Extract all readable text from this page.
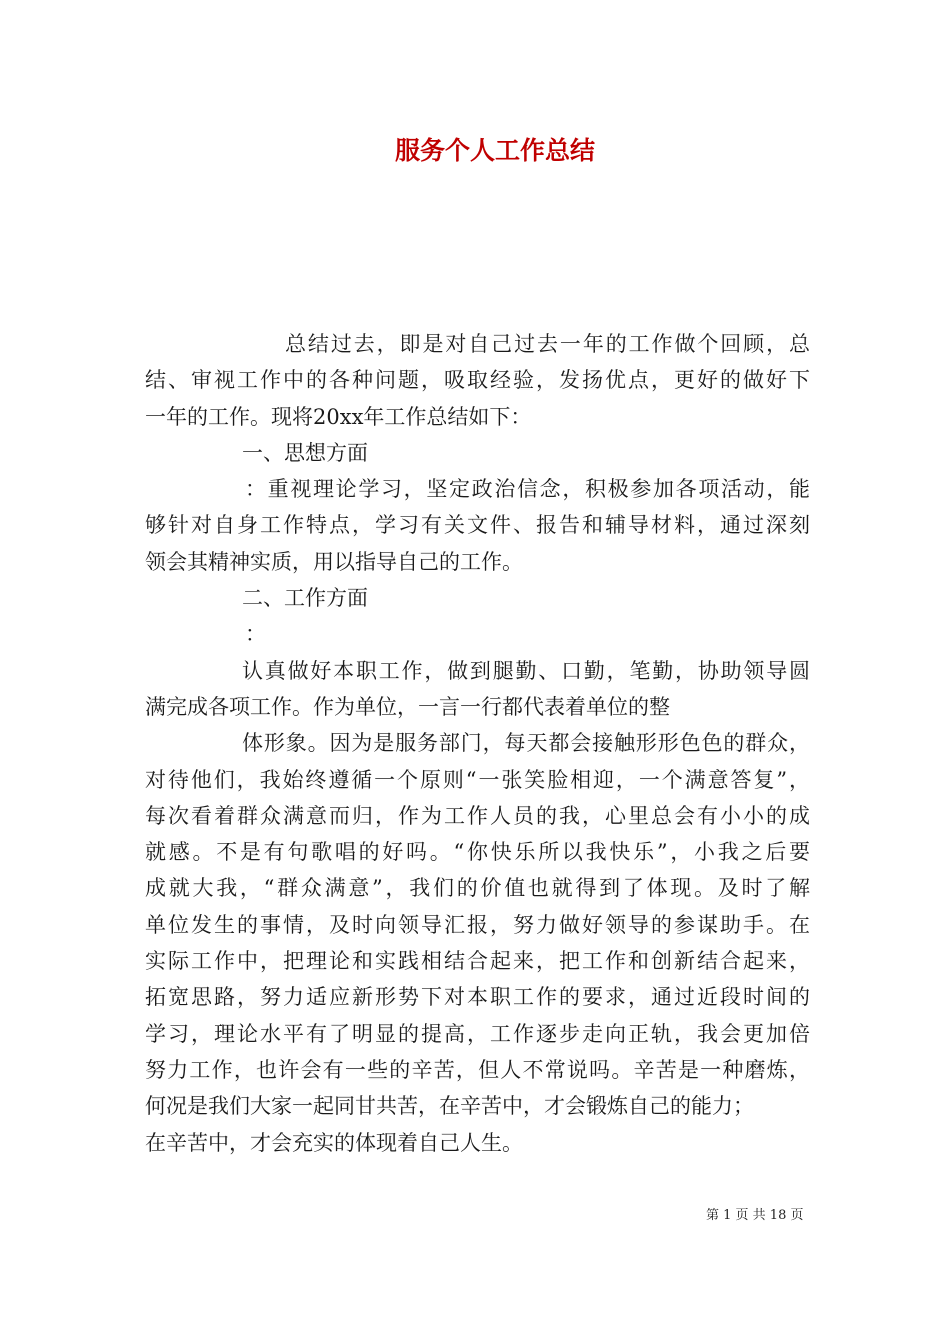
服务个人工作总结
总结过去，即是对自己过去一年的工作做个回顾，总
结、审视工作中的各种问题，吸取经验，发扬优点，更好的做好下
一年的工作。现将20xx年工作总结如下：
一、思想方面
：重视理论学习，坚定政治信念，积极参加各项活动，能
够针对自身工作特点，学习有关文件、报告和辅导材料，通过深刻
领会其精神实质，用以指导自己的工作。
二、工作方面
：
认真做好本职工作，做到腿勤、口勤，笔勤，协助领导圆
满完成各项工作。作为单位，一言一行都代表着单位的整
体形象。因为是服务部门，每天都会接触形形色色的群众，
对待他们，我始终遵循一个原则“一张笑脸相迎，一个满意答复”，
每次看着群众满意而归，作为工作人员的我，心里总会有小小的成
就感。不是有句歌唱的好吗。“你快乐所以我快乐”，小我之后要
成就大我，“群众满意”，我们的价值也就得到了体现。及时了解
单位发生的事情，及时向领导汇报，努力做好领导的参谋助手。在
实际工作中，把理论和实践相结合起来，把工作和创新结合起来，
拓宽思路，努力适应新形势下对本职工作的要求，通过近段时间的
学习，理论水平有了明显的提高，工作逐步走向正轨，我会更加倍
努力工作，也许会有一些的辛苦，但人不常说吗。辛苦是一种磨炼，
何况是我们大家一起同甘共苦，在辛苦中，才会锻炼自己的能力；
在辛苦中，才会充实的体现着自己人生。
第 1 页 共 18 页
